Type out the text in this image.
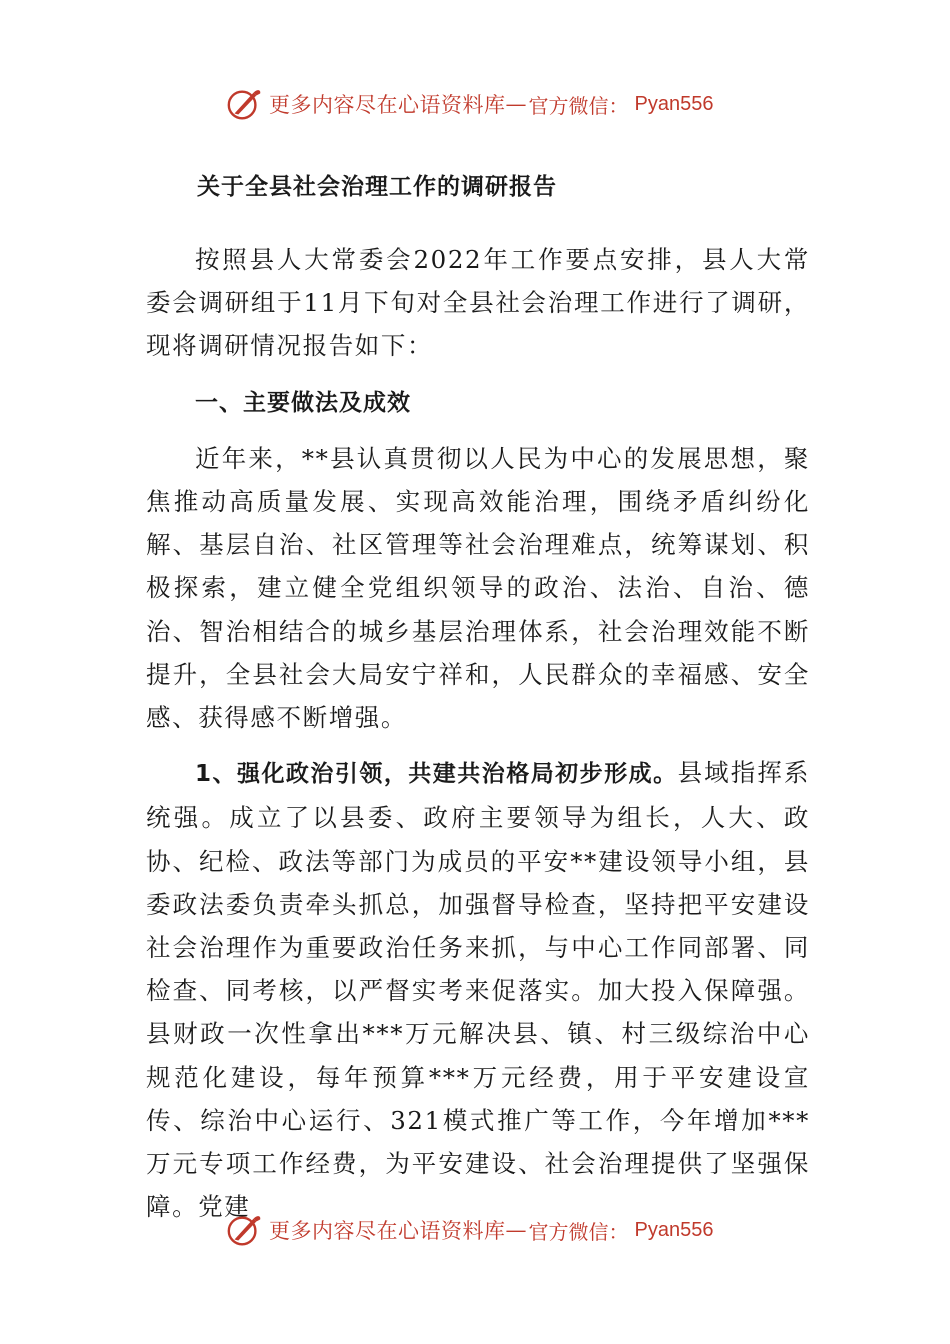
更多内容尽在心语资料库 — 官方微信： Pyan556
关于全县社会治理工作的调研报告

按照县人大常委会2022年工作要点安排，县人大常委会调研组于11月下旬对全县社会治理工作进行了调研，现将调研情况报告如下：

一、主要做法及成效

近年来，**县认真贯彻以人民为中心的发展思想，聚焦推动高质量发展、实现高效能治理，围绕矛盾纠纷化解、基层自治、社区管理等社会治理难点，统筹谋划、积极探索，建立健全党组织领导的政治、法治、自治、德治、智治相结合的城乡基层治理体系，社会治理效能不断提升，全县社会大局安宁祥和，人民群众的幸福感、安全感、获得感不断增强。

1、强化政治引领，共建共治格局初步形成。县域指挥系统强。成立了以县委、政府主要领导为组长，人大、政协、纪检、政法等部门为成员的平安**建设领导小组，县委政法委负责牵头抓总，加强督导检查，坚持把平安建设社会治理作为重要政治任务来抓，与中心工作同部署、同检查、同考核，以严督实考来促落实。加大投入保障强。县财政一次性拿出***万元解决县、镇、村三级综治中心规范化建设，每年预算***万元经费，用于平安建设宣传、综治中心运行、321模式推广等工作，今年增加***万元专项工作经费，为平安建设、社会治理提供了坚强保障。党建

更多内容尽在心语资料库 — 官方微信： Pyan556
